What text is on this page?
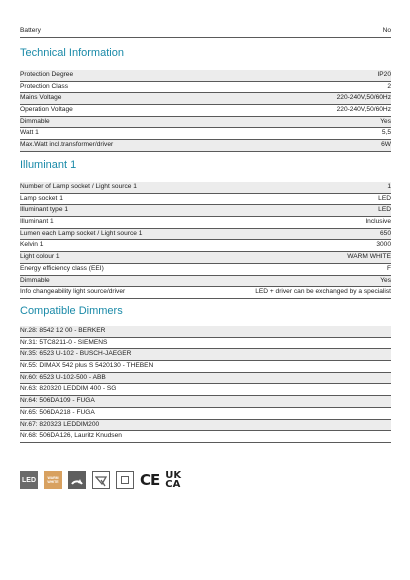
Battery	No
Technical Information
Protection Degree	IP20
Protection Class	2
Mains Voltage	220-240V,50/60Hz
Operation Voltage	220-240V,50/60Hz
Dimmable	Yes
Watt 1	5,5
Max.Watt incl.transformer/driver	6W
Illuminant 1
Number of Lamp socket / Light source 1	1
Lamp socket 1	LED
Illuminant type 1	LED
Illuminant 1	Inclusive
Lumen each Lamp socket / Light source 1	650
Kelvin 1	3000
Light colour 1	WARM WHITE
Energy efficiency class (EEI)	F
Dimmable	Yes
Info changeability light source/driver	LED + driver can be exchanged by a specialist
Compatible Dimmers
Nr.28: 8542 12 00 - BERKER
Nr.31: 5TC8211-0 - SIEMENS
Nr.35: 6523 U-102 - BUSCH-JAEGER
Nr.55: DIMAX 542 plus S 5420130 - THEBEN
Nr.60: 6523 U-102-500 - ABB
Nr.63: 820320 LEDDIM 400 - SG
Nr.64: 506DA109 - FUGA
Nr.65: 506DA218 - FUGA
Nr.67: 820323 LEDDIM200
Nr.68: 506DA126, Lauritz Knudsen
LED	WARM
WHITE	CE UK
CA
